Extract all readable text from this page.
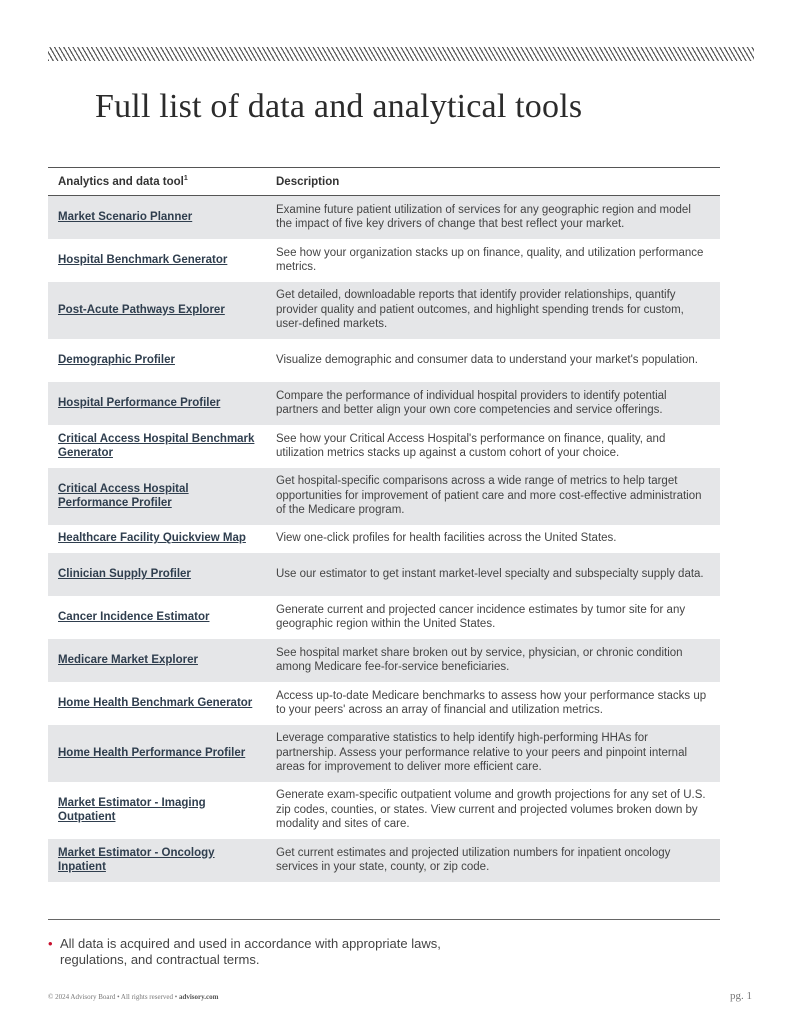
Full list of data and analytical tools
Analytics and data tool$^1$	Description
Market Scenario Planner	Examine future patient utilization of services for any geographic region and model the impact of five key drivers of change that best reflect your market.
Hospital Benchmark Generator	See how your organization stacks up on finance, quality, and utilization performance metrics.
Post-Acute Pathways Explorer	Get detailed, downloadable reports that identify provider relationships, quantify provider quality and patient outcomes, and highlight spending trends for custom, user-defined markets.
Demographic Profiler	Visualize demographic and consumer data to understand your market's population.
Hospital Performance Profiler	Compare the performance of individual hospital providers to identify potential partners and better align your own core competencies and service offerings.
Critical Access Hospital Benchmark Generator	See how your Critical Access Hospital's performance on finance, quality, and utilization metrics stacks up against a custom cohort of your choice.
Critical Access Hospital Performance Profiler	Get hospital-specific comparisons across a wide range of metrics to help target opportunities for improvement of patient care and more cost-effective administration of the Medicare program.
Healthcare Facility Quickview Map	View one-click profiles for health facilities across the United States.
Clinician Supply Profiler	Use our estimator to get instant market-level specialty and subspecialty supply data.
Cancer Incidence Estimator	Generate current and projected cancer incidence estimates by tumor site for any geographic region within the United States.
Medicare Market Explorer	See hospital market share broken out by service, physician, or chronic condition among Medicare fee-for-service beneficiaries.
Home Health Benchmark Generator	Access up-to-date Medicare benchmarks to assess how your performance stacks up to your peers' across an array of financial and utilization metrics.
Home Health Performance Profiler	Leverage comparative statistics to help identify high-performing HHAs for partnership. Assess your performance relative to your peers and pinpoint internal areas for improvement to deliver more efficient care.
Market Estimator - Imaging Outpatient	Generate exam-specific outpatient volume and growth projections for any set of U.S. zip codes, counties, or states. View current and projected volumes broken down by modality and sites of care.
Market Estimator - Oncology Inpatient	Get current estimates and projected utilization numbers for inpatient oncology services in your state, county, or zip code.
• All data is acquired and used in accordance with appropriate laws, regulations, and contractual terms.
© 2024 Advisory Board • All rights reserved • advisory.com	pg. 1
